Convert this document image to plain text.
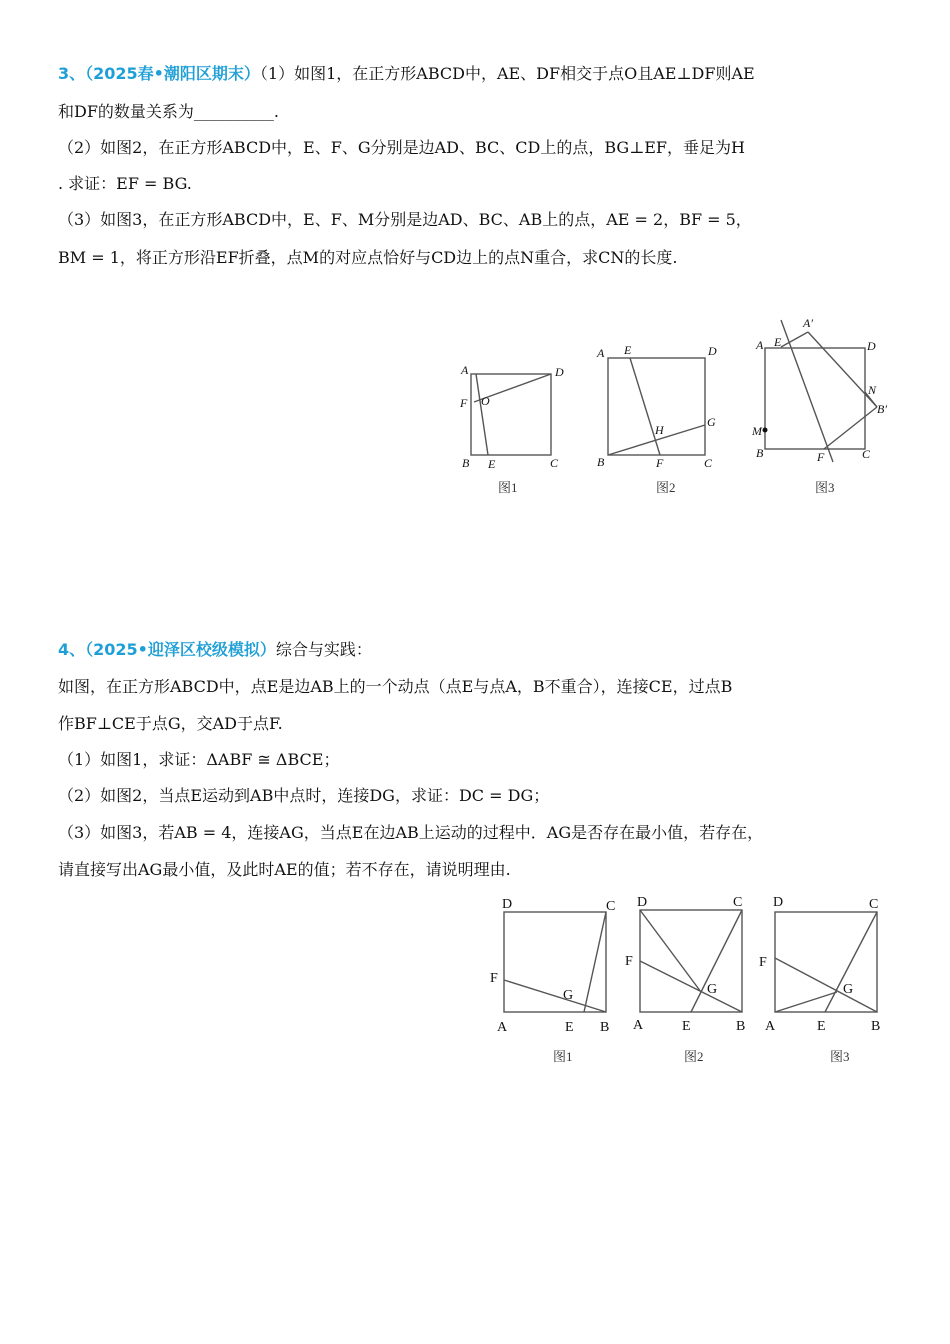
3、（2025春•潮阳区期末）（1）如图1，在正方形ABCD中，AE、DF相交于点O且AE⊥DF则AE
和DF的数量关系为__________.
（2）如图2，在正方形ABCD中，E、F、G分别是边AD、BC、CD上的点，BG⊥EF，垂足为H
. 求证：EF = BG.
（3）如图3，在正方形ABCD中，E、F、M分别是边AD、BC、AB上的点，AE = 2，BF = 5，
BM = 1，将正方形沿EF折叠，点M的对应点恰好与CD边上的点N重合，求CN的长度.
4、（2025•迎泽区校级模拟）综合与实践：
如图，在正方形ABCD中，点E是边AB上的一个动点（点E与点A，B不重合），连接CE，过点B
作BF⊥CE于点G，交AD于点F.
（1）如图1，求证：ΔABF ≅ ΔBCE；
（2）如图2，当点E运动到AB中点时，连接DG，求证：DC = DG；
（3）如图3，若AB = 4，连接AG，当点E在边AB上运动的过程中．AG是否存在最小值，若存在，
请直接写出AG最小值，及此时AE的值；若不存在，请说明理由.
A	D
F O
B E	C
A E	D
G
H
B	F	C
A E
A′
D
N
B′
M
B	F	C
D	C
F
G
A	E B
D	C
F
G
A	E	B
D	C
F
G
A	E	B
图1	图2	图3
图1	图2	图3
